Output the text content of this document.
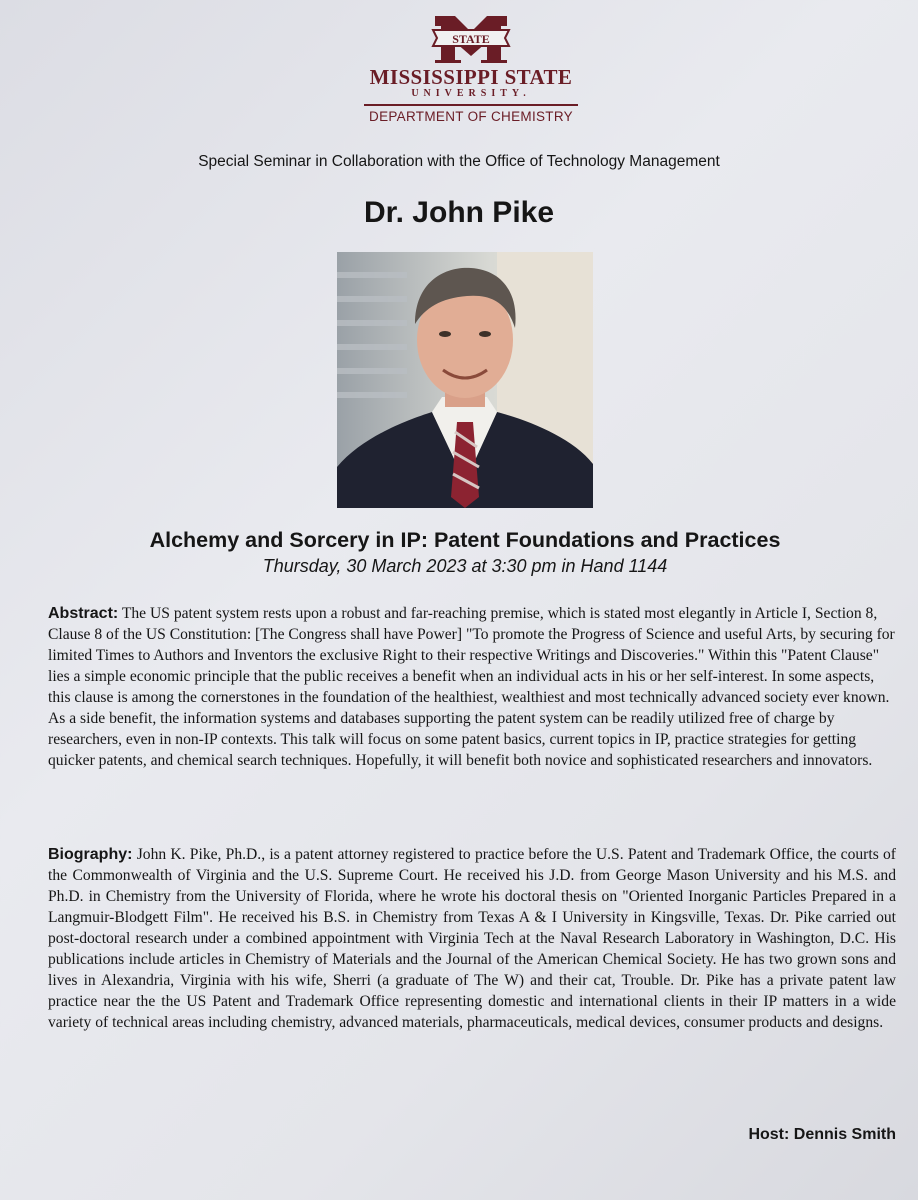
STATE
MISSISSIPPI STATE
UNIVERSITY.
DEPARTMENT OF CHEMISTRY
Special Seminar in Collaboration with the Office of Technology Management
Dr. John Pike
Alchemy and Sorcery in IP: Patent Foundations and Practices
Thursday, 30 March 2023 at 3:30 pm in Hand 1144
Abstract: The US patent system rests upon a robust and far-reaching premise, which is stated most elegantly in Article I, Section 8, Clause 8 of the US Constitution: [The Congress shall have Power] "To promote the Progress of Science and useful Arts, by securing for limited Times to Authors and Inventors the exclusive Right to their respective Writings and Discoveries." Within this "Patent Clause" lies a simple economic principle that the public receives a benefit when an individual acts in his or her self-interest. In some aspects, this clause is among the cornerstones in the foundation of the healthiest, wealthiest and most technically advanced society ever known. As a side benefit, the information systems and databases supporting the patent system can be readily utilized free of charge by researchers, even in non-IP contexts. This talk will focus on some patent basics, current topics in IP, practice strategies for getting quicker patents, and chemical search techniques. Hopefully, it will benefit both novice and sophisticated researchers and innovators.
Biography: John K. Pike, Ph.D., is a patent attorney registered to practice before the U.S. Patent and Trademark Office, the courts of the Commonwealth of Virginia and the U.S. Supreme Court. He received his J.D. from George Mason University and his M.S. and Ph.D. in Chemistry from the University of Florida, where he wrote his doctoral thesis on "Oriented Inorganic Particles Prepared in a Langmuir-Blodgett Film". He received his B.S. in Chemistry from Texas A & I University in Kingsville, Texas. Dr. Pike carried out post-doctoral research under a combined appointment with Virginia Tech at the Naval Research Laboratory in Washington, D.C. His publications include articles in Chemistry of Materials and the Journal of the American Chemical Society. He has two grown sons and lives in Alexandria, Virginia with his wife, Sherri (a graduate of The W) and their cat, Trouble. Dr. Pike has a private patent law practice near the the US Patent and Trademark Office representing domestic and international clients in their IP matters in a wide variety of technical areas including chemistry, advanced materials, pharmaceuticals, medical devices, consumer products and designs.
Host: Dennis Smith
